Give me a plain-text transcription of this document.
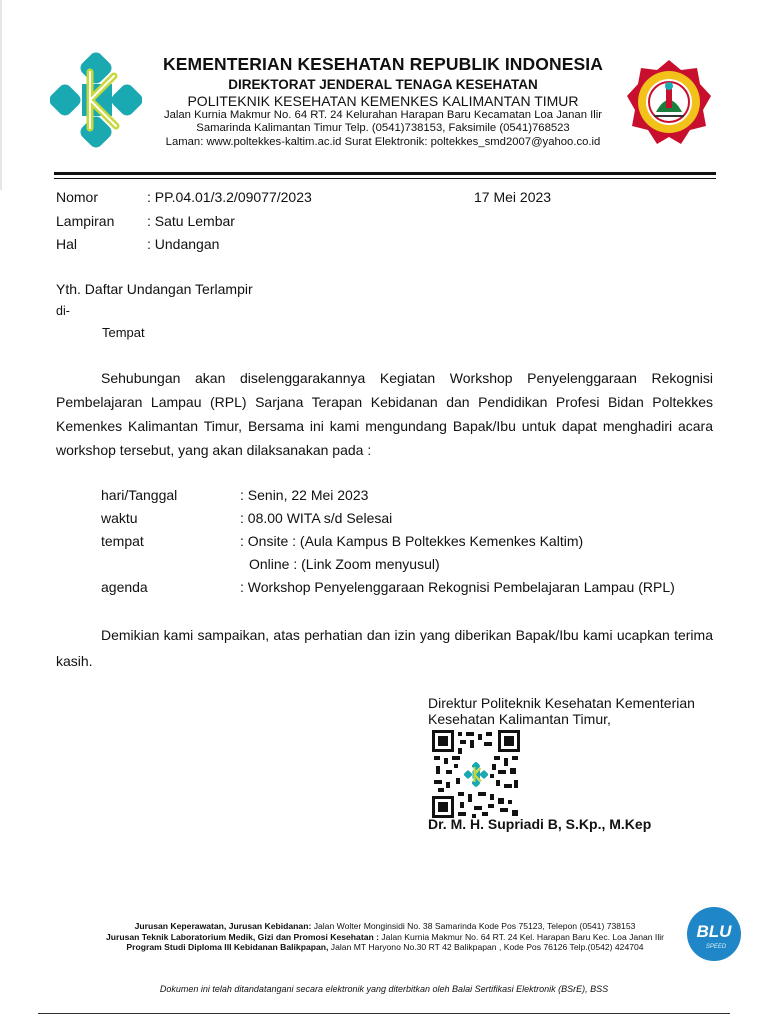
KEMENTERIAN KESEHATAN REPUBLIK INDONESIA
DIREKTORAT JENDERAL TENAGA KESEHATAN
POLITEKNIK KESEHATAN KEMENKES KALIMANTAN TIMUR
Jalan Kurnia Makmur No. 64 RT. 24 Kelurahan Harapan Baru Kecamatan Loa Janan Ilir
Samarinda Kalimantan Timur Telp. (0541)738153, Faksimile (0541)768523
Laman: www.poltekkes-kaltim.ac.id Surat Elektronik: poltekkes_smd2007@yahoo.co.id
Nomor	: PP.04.01/3.2/09077/2023	17 Mei 2023
Lampiran : Satu Lembar
Hal	: Undangan
Yth. Daftar Undangan Terlampir
di-
Tempat
Sehubungan akan diselenggarakannya Kegiatan Workshop Penyelenggaraan Rekognisi Pembelajaran Lampau (RPL) Sarjana Terapan Kebidanan dan Pendidikan Profesi Bidan Poltekkes Kemenkes Kalimantan Timur, Bersama ini kami mengundang Bapak/Ibu untuk dapat menghadiri acara workshop tersebut, yang akan dilaksanakan pada :
hari/Tanggal	: Senin, 22 Mei 2023
waktu	: 08.00 WITA s/d Selesai
tempat	: Onsite : (Aula Kampus B Poltekkes Kemenkes Kaltim)
Online : (Link Zoom menyusul)
agenda	: Workshop Penyelenggaraan Rekognisi Pembelajaran Lampau (RPL)
Demikian kami sampaikan, atas perhatian dan izin yang diberikan Bapak/Ibu kami ucapkan terima kasih.
Direktur Politeknik Kesehatan Kementerian
Kesehatan Kalimantan Timur,
Dr. M. H. Supriadi B, S.Kp., M.Kep
Jurusan Keperawatan, Jurusan Kebidanan: Jalan Wolter Monginsidi No. 38 Samarinda Kode Pos 75123, Telepon (0541) 738153
Jurusan Teknik Laboratorium Medik, Gizi dan Promosi Kesehatan : Jalan Kurnia Makmur No. 64 RT. 24 Kel. Harapan Baru Kec. Loa Janan Ilir
Program Studi Diploma III Kebidanan Balikpapan, Jalan MT Haryono No.30 RT 42 Balikpapan , Kode Pos 76126 Telp.(0542) 424704
BLU
SPEED
Dokumen ini telah ditandatangani secara elektronik yang diterbitkan oleh Balai Sertifikasi Elektronik (BSrE), BSS
